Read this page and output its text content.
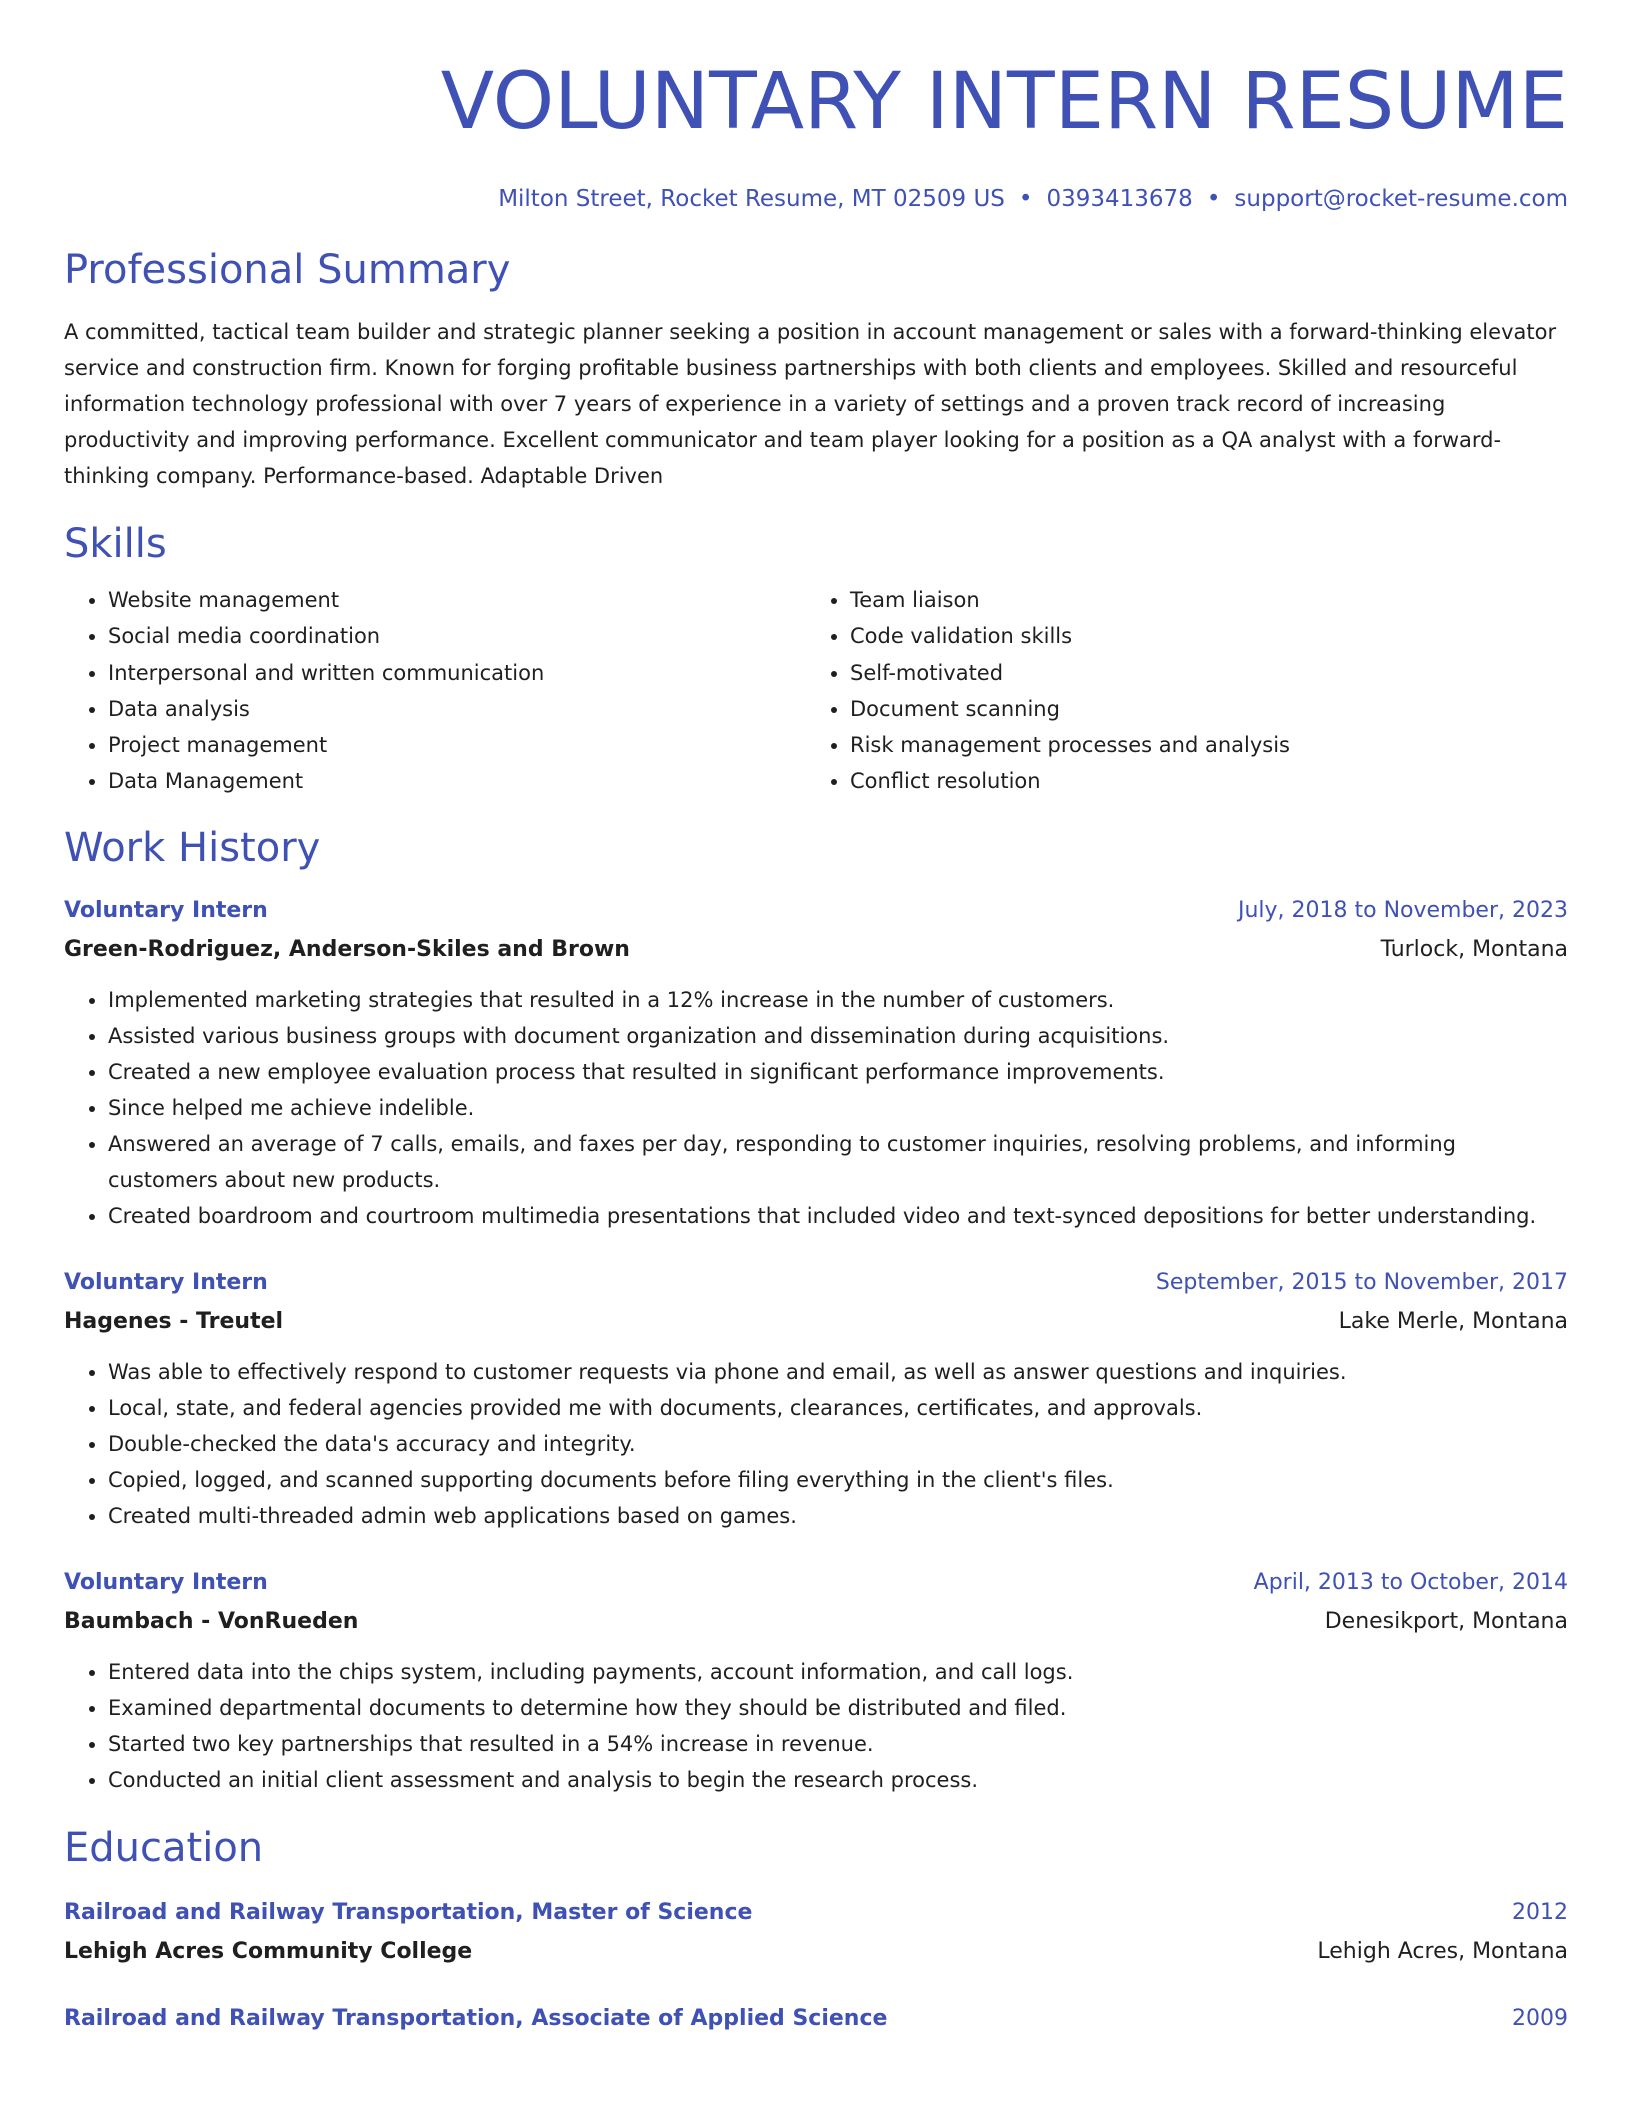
VOLUNTARY INTERN RESUME
Milton Street, Rocket Resume, MT 02509 US • 0393413678 • support@rocket-resume.com
Professional Summary
A committed, tactical team builder and strategic planner seeking a position in account management or sales with a forward-thinking elevator service and construction firm. Known for forging profitable business partnerships with both clients and employees. Skilled and resourceful information technology professional with over 7 years of experience in a variety of settings and a proven track record of increasing productivity and improving performance. Excellent communicator and team player looking for a position as a QA analyst with a forward-thinking company. Performance-based. Adaptable Driven
Skills
• Website management
• Social media coordination
• Interpersonal and written communication
• Data analysis
• Project management
• Data Management
• Team liaison
• Code validation skills
• Self-motivated
• Document scanning
• Risk management processes and analysis
• Conflict resolution
Work History
Voluntary Intern	July, 2018 to November, 2023
Green-Rodriguez, Anderson-Skiles and Brown	Turlock, Montana
• Implemented marketing strategies that resulted in a 12% increase in the number of customers.
• Assisted various business groups with document organization and dissemination during acquisitions.
• Created a new employee evaluation process that resulted in significant performance improvements.
• Since helped me achieve indelible.
• Answered an average of 7 calls, emails, and faxes per day, responding to customer inquiries, resolving problems, and informing customers about new products.
• Created boardroom and courtroom multimedia presentations that included video and text-synced depositions for better understanding.
Voluntary Intern	September, 2015 to November, 2017
Hagenes - Treutel	Lake Merle, Montana
• Was able to effectively respond to customer requests via phone and email, as well as answer questions and inquiries.
• Local, state, and federal agencies provided me with documents, clearances, certificates, and approvals.
• Double-checked the data's accuracy and integrity.
• Copied, logged, and scanned supporting documents before filing everything in the client's files.
• Created multi-threaded admin web applications based on games.
Voluntary Intern	April, 2013 to October, 2014
Baumbach - VonRueden	Denesikport, Montana
• Entered data into the chips system, including payments, account information, and call logs.
• Examined departmental documents to determine how they should be distributed and filed.
• Started two key partnerships that resulted in a 54% increase in revenue.
• Conducted an initial client assessment and analysis to begin the research process.
Education
Railroad and Railway Transportation, Master of Science	2012
Lehigh Acres Community College	Lehigh Acres, Montana
Railroad and Railway Transportation, Associate of Applied Science	2009
